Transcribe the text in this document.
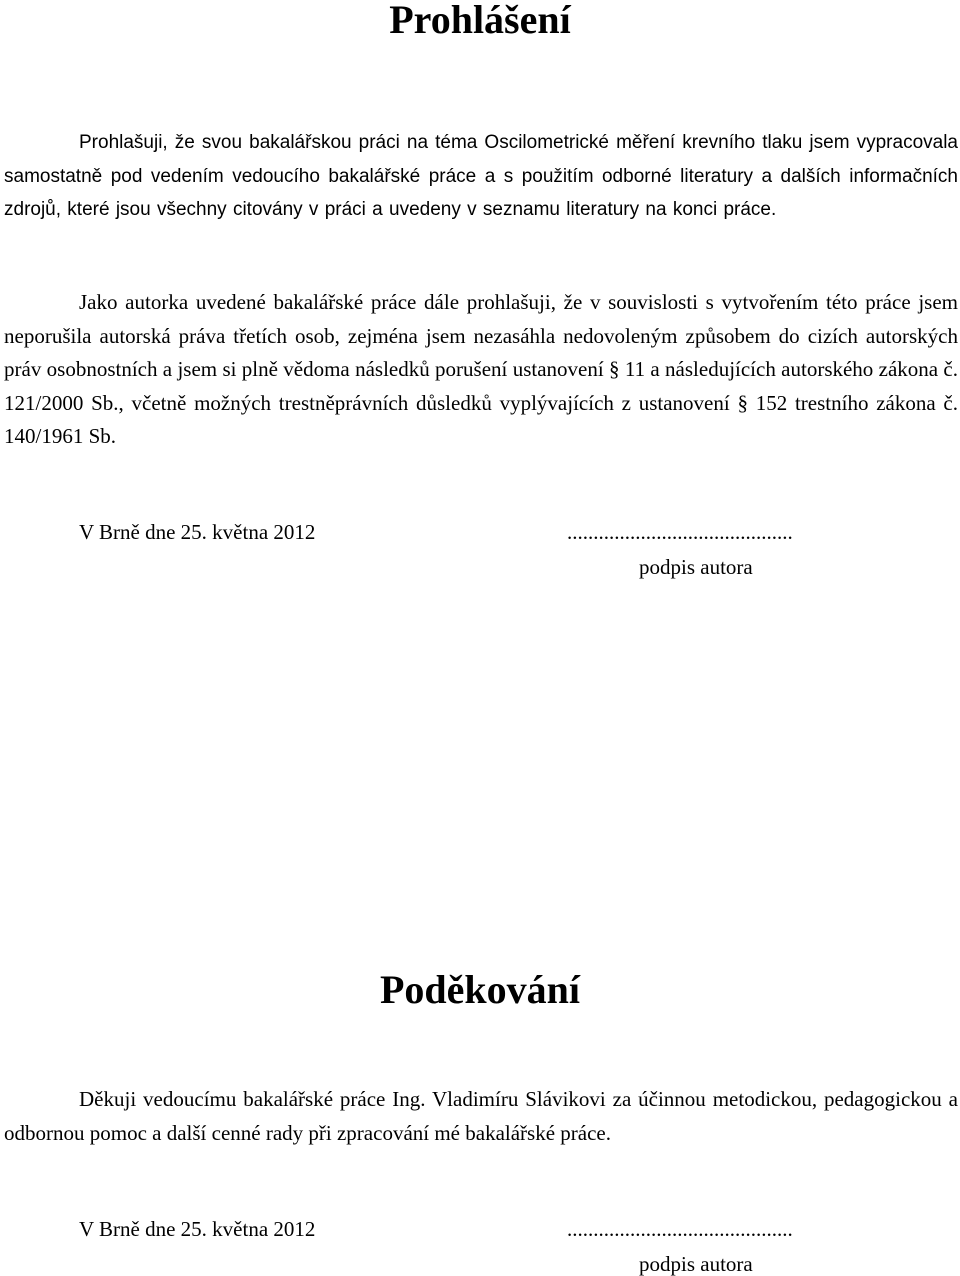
Prohlášení

Prohlašuji, že svou bakalářskou práci na téma Oscilometrické měření krevního tlaku jsem vypracovala samostatně pod vedením vedoucího bakalářské práce a s použitím odborné literatury a dalších informačních zdrojů, které jsou všechny citovány v práci a uvedeny v seznamu literatury na konci práce.

Jako autorka uvedené bakalářské práce dále prohlašuji, že v souvislosti s vytvořením této práce jsem neporušila autorská práva třetích osob, zejména jsem nezasáhla nedovoleným způsobem do cizích autorských práv osobnostních a jsem si plně vědoma následků porušení ustanovení § 11 a následujících autorského zákona č. 121/2000 Sb., včetně možných trestněprávních důsledků vyplývajících z ustanovení § 152 trestního zákona č. 140/1961 Sb.

V Brně dne 25. května 2012	...........................................
podpis autora
Poděkování

Děkuji vedoucímu bakalářské práce Ing. Vladimíru Slávikovi za účinnou metodickou, pedagogickou a odbornou pomoc a další cenné rady při zpracování mé bakalářské práce.

V Brně dne 25. května 2012	...........................................
podpis autora
